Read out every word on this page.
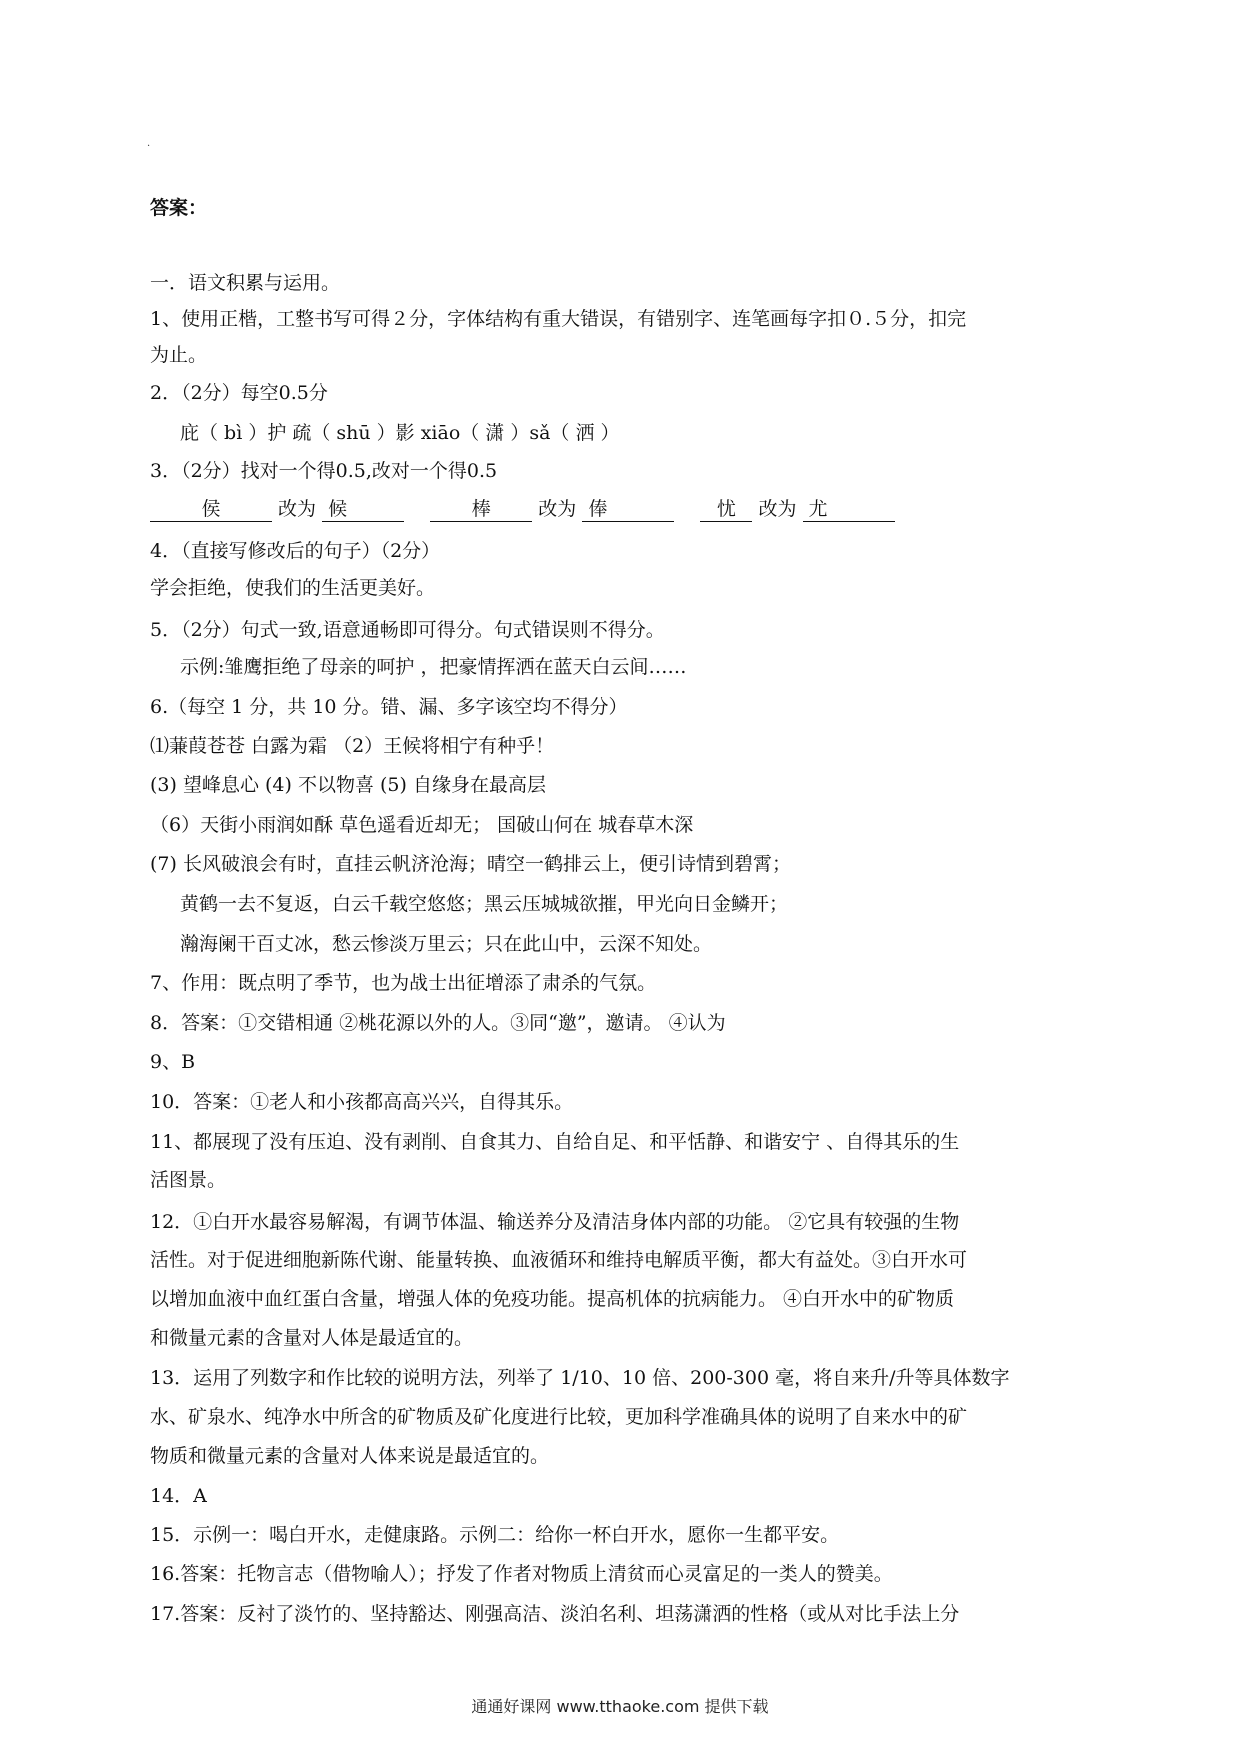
·
答案：
一．语文积累与运用。
1、使用正楷，工整书写可得２分，字体结构有重大错误，有错别字、连笔画每字扣０.５分，扣完
为止。
2．（2分）每空0.5分
庇（ bì ）护 疏（ shū ）影 xiāo（ 潇 ）sǎ（ 洒 ）
3．（2分）找对一个得0.5,改对一个得0.5
侯	改为 候	棒	改为 俸	忧 改为 尤
4．（直接写修改后的句子）（2分）
学会拒绝，使我们的生活更美好。
5．（2分）句式一致,语意通畅即可得分。句式错误则不得分。
示例:雏鹰拒绝了母亲的呵护 ，把豪情挥洒在蓝天白云间……
6.（每空 1 分，共 10 分。错、漏、多字该空均不得分）
⑴蒹葭苍苍 白露为霜 （2）王候将相宁有种乎！
(3) 望峰息心 (4) 不以物喜 (5) 自缘身在最高层
（6）天街小雨润如酥 草色遥看近却无； 国破山何在 城春草木深
(7) 长风破浪会有时，直挂云帆济沧海；晴空一鹤排云上，便引诗情到碧霄；
黄鹤一去不复返，白云千载空悠悠；黑云压城城欲摧，甲光向日金鳞开；
瀚海阑干百丈冰，愁云惨淡万里云；只在此山中，云深不知处。
7、作用：既点明了季节，也为战士出征增添了肃杀的气氛。
8．答案：①交错相通 ②桃花源以外的人。③同“邀”，邀请。 ④认为
9、B
10．答案：①老人和小孩都高高兴兴，自得其乐。
11、都展现了没有压迫、没有剥削、自食其力、自给自足、和平恬静、和谐安宁 、自得其乐的生
活图景。
12．①白开水最容易解渴，有调节体温、输送养分及清洁身体内部的功能。 ②它具有较强的生物
活性。对于促进细胞新陈代谢、能量转换、血液循环和维持电解质平衡，都大有益处。③白开水可
以增加血液中血红蛋白含量，增强人体的免疫功能。提高机体的抗病能力。 ④白开水中的矿物质
和微量元素的含量对人体是最适宜的。
13．运用了列数字和作比较的说明方法，列举了 1/10、10 倍、200-300 毫，将自来升/升等具体数字
水、矿泉水、纯净水中所含的矿物质及矿化度进行比较，更加科学准确具体的说明了自来水中的矿
物质和微量元素的含量对人体来说是最适宜的。
14．A
15．示例一：喝白开水，走健康路。示例二：给你一杯白开水，愿你一生都平安。
16.答案：托物言志（借物喻人）；抒发了作者对物质上清贫而心灵富足的一类人的赞美。
17.答案：反衬了淡竹的、坚持豁达、刚强高洁、淡泊名利、坦荡潇洒的性格（或从对比手法上分
通通好课网 www.tthaoke.com 提供下载
